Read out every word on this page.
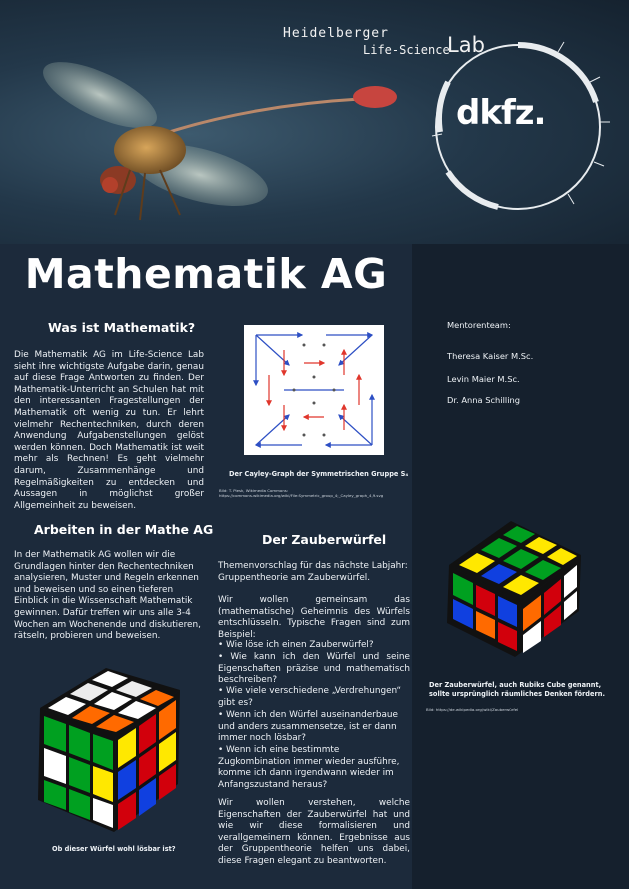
Heidelberger
Life-Science
Lab
dkfz.
Mathematik AG
Was ist Mathematik?
Die Mathematik AG im Life-Science Lab sieht ihre wichtigste Aufgabe darin, genau auf diese Frage Antworten zu finden. Der Mathematik-Unterricht an Schulen hat mit den interessanten Fragestellungen der Mathematik oft wenig zu tun. Er lehrt vielmehr Rechentechniken, durch deren Anwendung Aufgabenstellungen gelöst werden können. Doch Mathematik ist weit mehr als Rechnen! Es geht vielmehr darum, Zusammenhänge und Regelmäßigkeiten zu entdecken und Aussagen in möglichst großer Allgemeinheit zu beweisen.
Der Cayley-Graph der Symmetrischen Gruppe S₄
Bild: T. Piesk, Wikimedia Commons:
https://commons.wikimedia.org/wiki/File:Symmetric_group_4;_Cayley_graph_4,9.svg
Arbeiten in der Mathe AG
In der Mathematik AG wollen wir die Grundlagen hinter den Rechentechniken analysieren, Muster und Regeln erkennen und beweisen und so einen tieferen Einblick in die Wissenschaft Mathematik gewinnen. Dafür treffen wir uns alle 3-4 Wochen am Wochenende und diskutieren, rätseln, probieren und beweisen.
Ob dieser Würfel wohl lösbar ist?
Der Zauberwürfel
Themenvorschlag für das nächste Labjahr: Gruppentheorie am Zauberwürfel.
Wir wollen gemeinsam das (mathematische) Geheimnis des Würfels entschlüsseln. Typische Fragen sind zum Beispiel:
• Wie löse ich einen Zauberwürfel?
• Wie kann ich den Würfel und seine Eigenschaften präzise und mathematisch beschreiben?
• Wie viele verschiedene „Verdrehungen“ gibt es?
• Wenn ich den Würfel auseinanderbaue und anders zusammensetze, ist er dann immer noch lösbar?
• Wenn ich eine bestimmte Zugkombination immer wieder ausführe, komme ich dann irgendwann wieder im Anfangszustand heraus?
Wir wollen verstehen, welche Eigenschaften der Zauberwürfel hat und wie wir diese formalisieren und verallgemeinern können. Ergebnisse aus der Gruppentheorie helfen uns dabei, diese Fragen elegant zu beantworten.
Mentorenteam:
Theresa Kaiser M.Sc.
Levin Maier M.Sc.
Dr. Anna Schilling
Der Zauberwürfel, auch Rubiks Cube genannt,
sollte ursprünglich räumliches Denken fördern.
Bild: https://de.wikipedia.org/wiki/Zauberwürfel
